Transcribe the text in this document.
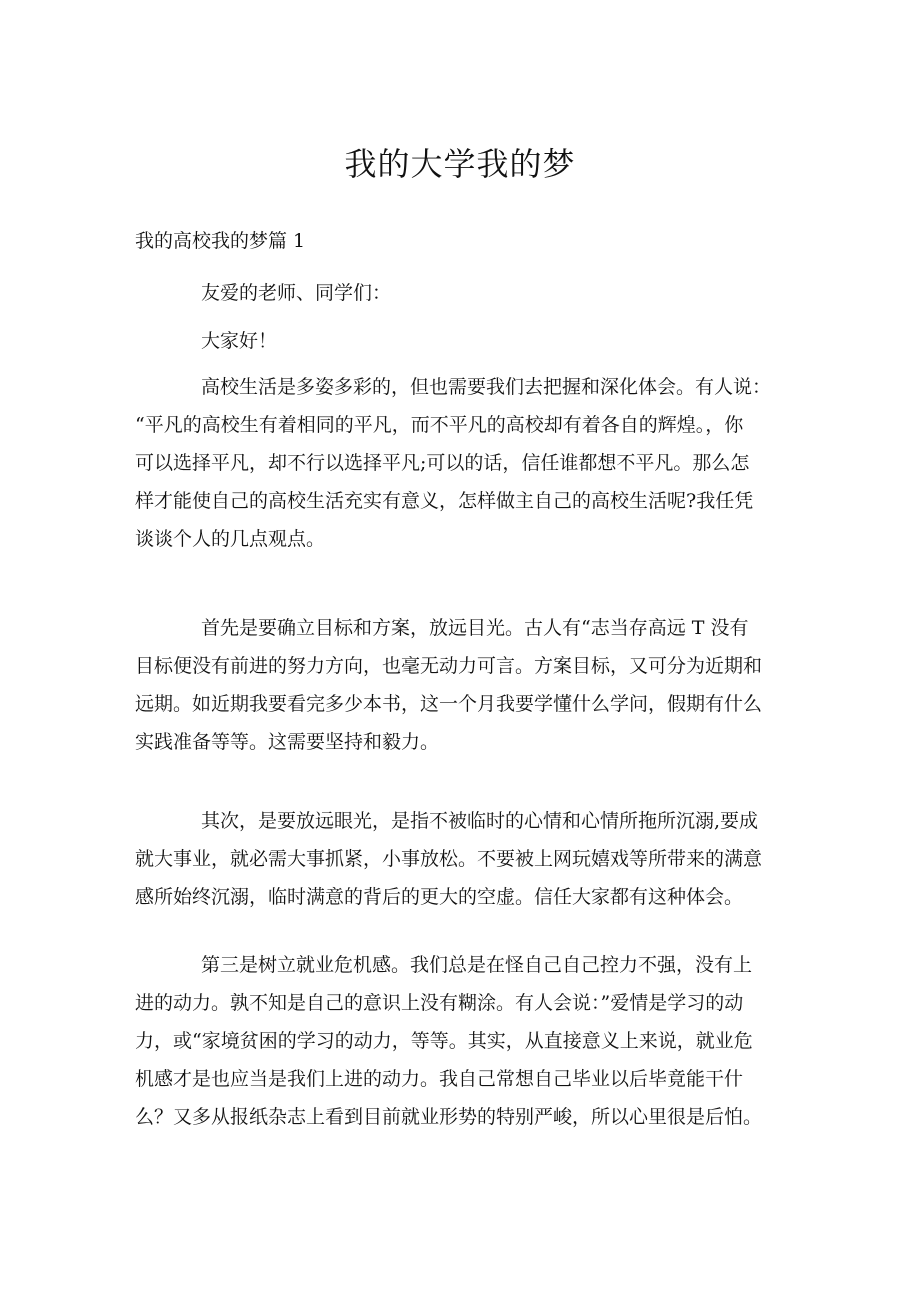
我的大学我的梦
我的高校我的梦篇 1
友爱的老师、同学们：
大家好！
高校生活是多姿多彩的，但也需要我们去把握和深化体会。有人说：
“平凡的高校生有着相同的平凡，而不平凡的高校却有着各自的辉煌。，你
可以选择平凡，却不行以选择平凡;可以的话，信任谁都想不平凡。那么怎
样才能使自己的高校生活充实有意义，怎样做主自己的高校生活呢?我任凭
谈谈个人的几点观点。
首先是要确立目标和方案，放远目光。古人有“志当存高远 T 没有
目标便没有前进的努力方向，也毫无动力可言。方案目标，又可分为近期和
远期。如近期我要看完多少本书，这一个月我要学懂什么学问，假期有什么
实践准备等等。这需要坚持和毅力。
其次，是要放远眼光，是指不被临时的心情和心情所拖所沉溺,要成
就大事业，就必需大事抓紧，小事放松。不要被上网玩嬉戏等所带来的满意
感所始终沉溺，临时满意的背后的更大的空虚。信任大家都有这种体会。
第三是树立就业危机感。我们总是在怪自己自己控力不强，没有上
进的动力。孰不知是自己的意识上没有糊涂。有人会说：”爱情是学习的动
力，或“家境贫困的学习的动力，等等。其实，从直接意义上来说，就业危
机感才是也应当是我们上进的动力。我自己常想自己毕业以后毕竟能干什
么？又多从报纸杂志上看到目前就业形势的特别严峻，所以心里很是后怕。
